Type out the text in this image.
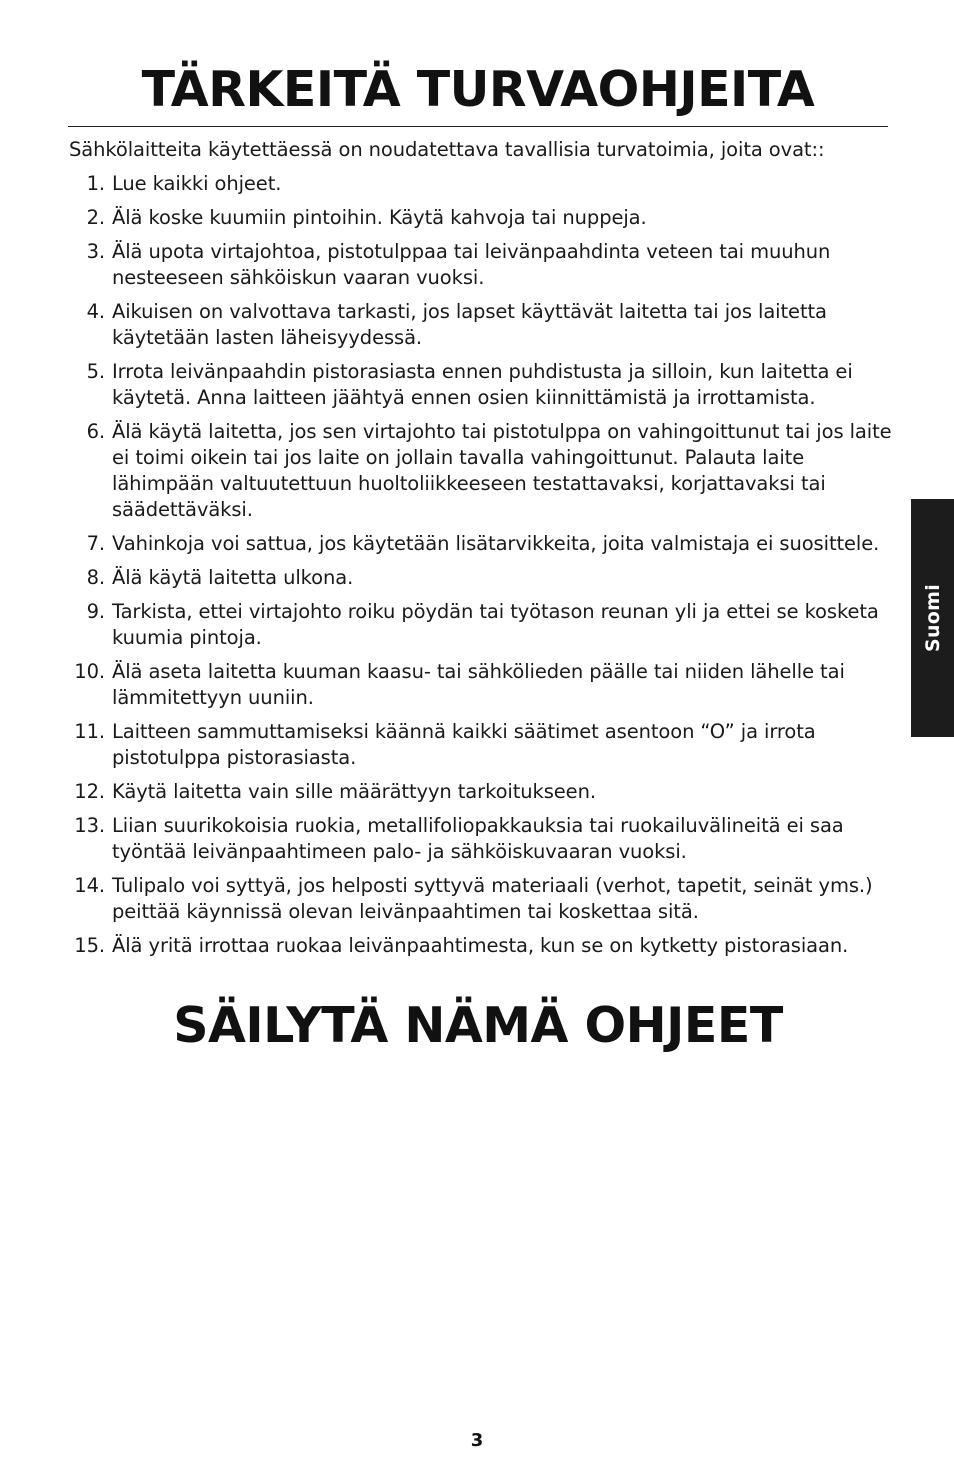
TÄRKEITÄ TURVAOHJEITA

Sähkölaitteita käytettäessä on noudatettava tavallisia turvatoimia, joita ovat::

1. Lue kaikki ohjeet.
2. Älä koske kuumiin pintoihin. Käytä kahvoja tai nuppeja.
3. Älä upota virtajohtoa, pistotulppaa tai leivänpaahdinta veteen tai muuhun nesteeseen sähköiskun vaaran vuoksi.
4. Aikuisen on valvottava tarkasti, jos lapset käyttävät laitetta tai jos laitetta käytetään lasten läheisyydessä.
5. Irrota leivänpaahdin pistorasiasta ennen puhdistusta ja silloin, kun laitetta ei käytetä. Anna laitteen jäähtyä ennen osien kiinnittämistä ja irrottamista.
6. Älä käytä laitetta, jos sen virtajohto tai pistotulppa on vahingoittunut tai jos laite ei toimi oikein tai jos laite on jollain tavalla vahingoittunut. Palauta laite lähimpään valtuutettuun huoltoliikkeeseen testattavaksi, korjattavaksi tai säädettäväksi.
7. Vahinkoja voi sattua, jos käytetään lisätarvikkeita, joita valmistaja ei suosittele.
8. Älä käytä laitetta ulkona.
9. Tarkista, ettei virtajohto roiku pöydän tai työtason reunan yli ja ettei se kosketa kuumia pintoja.
10. Älä aseta laitetta kuuman kaasu- tai sähkölieden päälle tai niiden lähelle tai lämmitettyyn uuniin.
11. Laitteen sammuttamiseksi käännä kaikki säätimet asentoon “O” ja irrota pistotulppa pistorasiasta.
12. Käytä laitetta vain sille määrättyyn tarkoitukseen.
13. Liian suurikokoisia ruokia, metallifoliopakkauksia tai ruokailuvälineitä ei saa työntää leivänpaahtimeen palo- ja sähköiskuvaaran vuoksi.
14. Tulipalo voi syttyä, jos helposti syttyvä materiaali (verhot, tapetit, seinät yms.) peittää käynnissä olevan leivänpaahtimen tai koskettaa sitä.
15. Älä yritä irrottaa ruokaa leivänpaahtimesta, kun se on kytketty pistorasiaan.
SÄILYTÄ NÄMÄ OHJEET
Suomi
3
